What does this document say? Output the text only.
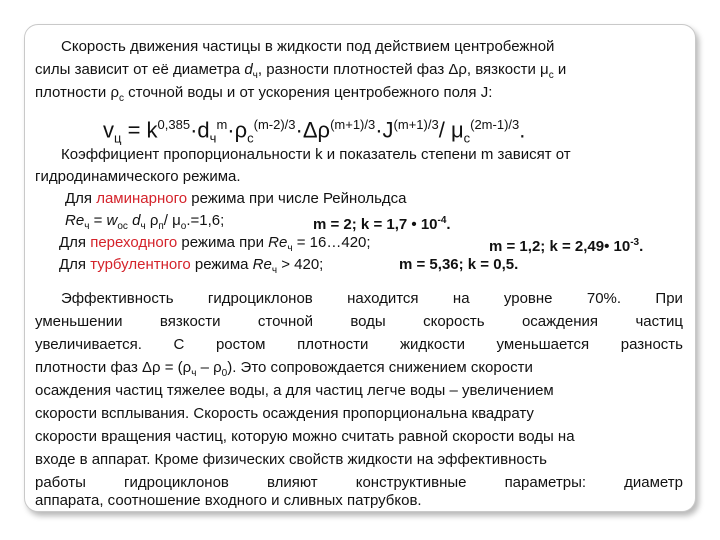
Скорость движения частицы в жидкости под действием центробежной
силы зависит от её диаметра $d_ч$, разности плотностей фаз Δρ, вязкости $\mu_с$ и
плотности $\rho_с$ сточной воды и от ускорения центробежного поля J:
$v_ц = k^{0,385}\cdot d_ч^m\cdot\rho_с^{(m-2)/3}\cdot\Delta\rho^{(m+1)/3}\cdot J^{(m+1)/3}/$ $\mu_с^{(2m-1)/3}$.
Коэффициент пропорциональности k и показатель степени m зависят от
гидродинамического режима.
Для ламинарного режима при числе Рейнольдса
$Re_ч = w_{ос}$ $d_ч$ $\rho_п/$ $\mu_о.=1,6$;	m = 2; k = 1,7 • $10^{-4}$.
Для переходного режима при $Re_ч$ = 16…420;	m = 1,2; k = 2,49• $10^{-3}$.
Для турбулентного режима $Re_ч > 420$;	m = 5,36; k = 0,5.
Эффективность гидроциклонов находится на уровне 70%. При
уменьшении вязкости сточной воды скорость осаждения частиц
увеличивается. С ростом плотности жидкости уменьшается разность
плотности фаз $\Delta\rho = (\rho_ч - \rho_0)$. Это сопровождается снижением скорости
осаждения частиц тяжелее воды, а для частиц легче воды – увеличением
скорости всплывания. Скорость осаждения пропорциональна квадрату
скорости вращения частиц, которую можно считать равной скорости воды на
входе в аппарат. Кроме физических свойств жидкости на эффективность
работы	гидроциклонов	влияют	конструктивные	параметры:	диаметр
аппарата, соотношение входного и сливных патрубков.
